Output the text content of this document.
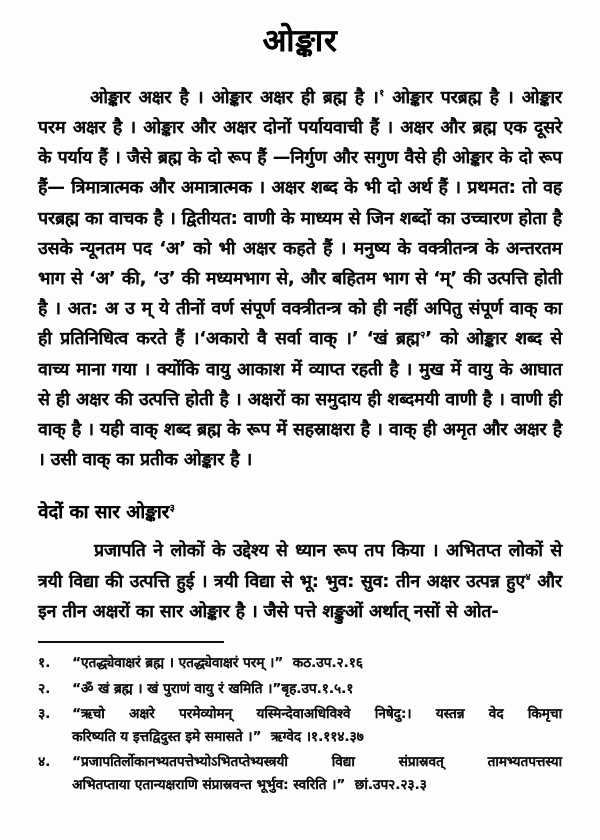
ओङ्कार

ओङ्कार अक्षर है । ओङ्कार अक्षर ही ब्रह्म है ।$^१$ ओङ्कार परब्रह्म है । ओङ्कार परम अक्षर है । ओङ्कार और अक्षर दोनों पर्यायवाची हैं । अक्षर और ब्रह्म एक दूसरे के पर्याय हैं । जैसे ब्रह्म के दो रूप हैं —निर्गुण और सगुण वैसे ही ओङ्कार के दो रूप हैं— त्रिमात्रात्मक और अमात्रात्मक । अक्षर शब्द के भी दो अर्थ हैं । प्रथमत: तो वह परब्रह्म का वाचक है । द्वितीयत: वाणी के माध्यम से जिन शब्दों का उच्चारण होता है उसके न्यूनतम पद ‘अ’ को भी अक्षर कहते हैं । मनुष्य के वक्त्रीतन्त्र के अन्तरतम भाग से ‘अ’ की, ‘उ’ की मध्यमभाग से, और बहितम भाग से ‘म्’ की उत्पत्ति होती है । अत: अ उ म् ये तीनों वर्ण संपूर्ण वक्त्रीतन्त्र को ही नहीं अपितु संपूर्ण वाक् का ही प्रतिनिधित्व करते हैं ।‘अकारो वै सर्वा वाक् ।’ ‘खं ब्रह्म$^२$’ को ओङ्कार शब्द से वाच्य माना गया । क्योंकि वायु आकाश में व्याप्त रहती है । मुख में वायु के आघात से ही अक्षर की उत्पत्ति होती है । अक्षरों का समुदाय ही शब्दमयी वाणी है । वाणी ही वाक् है । यही वाक् शब्द ब्रह्म के रूप में सहस्राक्षरा है । वाक् ही अमृत और अक्षर है । उसी वाक् का प्रतीक ओङ्कार है ।

वेदों का सार ओङ्कार$^३$

प्रजापति ने लोकों के उद्देश्य से ध्यान रूप तप किया । अभितप्त लोकों से त्रयी विद्या की उत्पत्ति हुई । त्रयी विद्या से भू: भुव: सुव: तीन अक्षर उत्पन्न हुए$^४$ और इन तीन अक्षरों का सार ओङ्कार है । जैसे पत्ते शङ्कुओं अर्थात् नसों से ओत-

१.	“एतद्ध्येवाक्षरं ब्रह्म । एतद्ध्येवाक्षरं परम् ।” कठ.उप.२.१६
२.	“ॐ खं ब्रह्म । खं पुराणं वायु रं खमिति ।”बृह.उप.१.५.१
३.	“ऋचो अक्षरे परमेव्योमन् यस्मिन्देवाअधिविश्वे निषेदु:। यस्तन्न वेद किमृचा
करिष्यति य इत्तद्विदुस्त इमे समासते ।” ऋग्वेद ।१.११४.३७
४.	“प्रजापतिर्लोकानभ्यतपत्तेभ्योऽभितप्तेभ्यस्त्रयी विद्या संप्रास्रवत् तामभ्यतपत्तस्या
अभितप्ताया एतान्यक्षराणि संप्रास्रवन्त भूर्भुव: स्वरिति ।” छां.उप२.२३.३
